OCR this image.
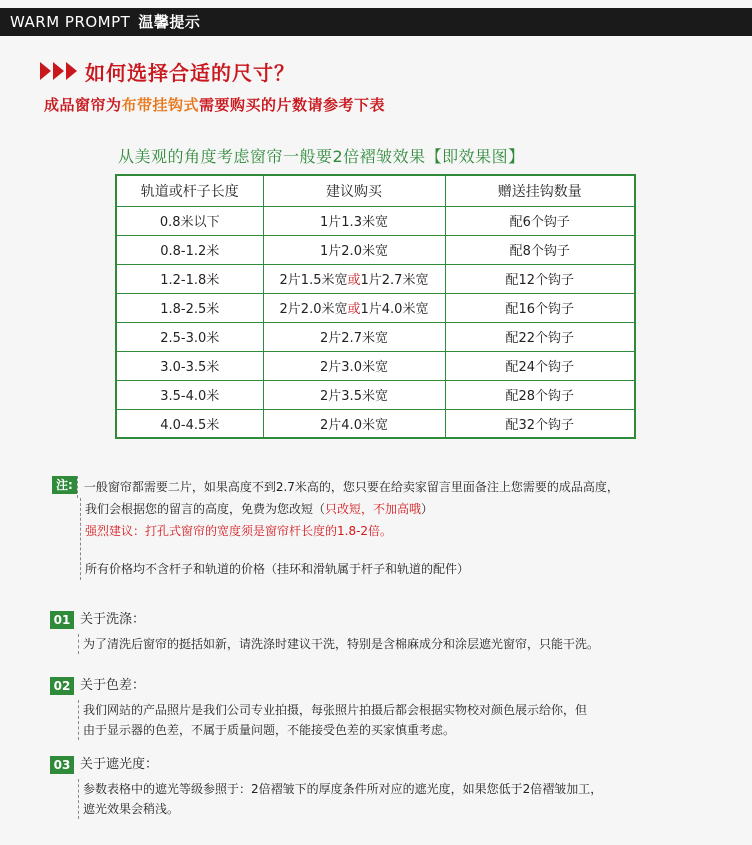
WARM PROMPT 温馨提示
如何选择合适的尺寸？
成品窗帘为布带挂钩式需要购买的片数请参考下表
从美观的角度考虑窗帘一般要2倍褶皱效果【即效果图】
轨道或杆子长度	建议购买	赠送挂钩数量
0.8米以下	1片1.3米宽	配6个钩子
0.8-1.2米	1片2.0米宽	配8个钩子
1.2-1.8米	2片1.5米宽或1片2.7米宽	配12个钩子
1.8-2.5米	2片2.0米宽或1片4.0米宽	配16个钩子
2.5-3.0米	2片2.7米宽	配22个钩子
3.0-3.5米	2片3.0米宽	配24个钩子
3.5-4.0米	2片3.5米宽	配28个钩子
4.0-4.5米	2片4.0米宽	配32个钩子
注: 一般窗帘都需要二片，如果高度不到2.7米高的，您只要在给卖家留言里面备注上您需要的成品高度，
我们会根据您的留言的高度，免费为您改短（只改短，不加高哦）
强烈建议：打孔式窗帘的宽度须是窗帘杆长度的1.8-2倍。
所有价格均不含杆子和轨道的价格（挂环和滑轨属于杆子和轨道的配件）
01 关于洗涤：
为了清洗后窗帘的挺括如新，请洗涤时建议干洗，特别是含棉麻成分和涂层遮光窗帘，只能干洗。
02 关于色差：
我们网站的产品照片是我们公司专业拍摄，每张照片拍摄后都会根据实物校对颜色展示给你，但
由于显示器的色差，不属于质量问题，不能接受色差的买家慎重考虑。
03 关于遮光度：
参数表格中的遮光等级参照于：2倍褶皱下的厚度条件所对应的遮光度，如果您低于2倍褶皱加工，
遮光效果会稍浅。
